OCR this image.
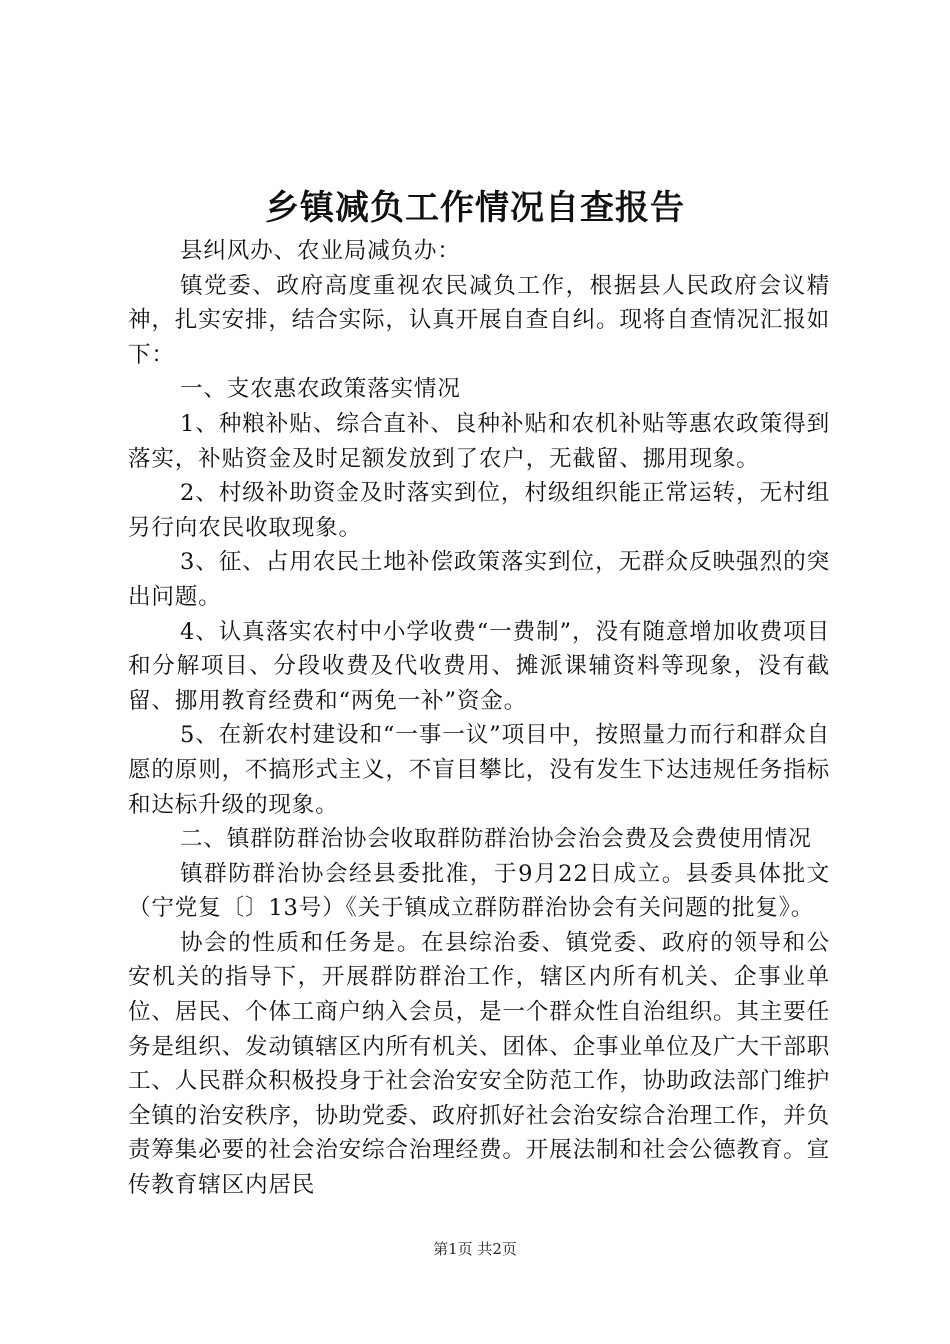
乡镇减负工作情况自查报告

县纠风办、农业局减负办：

镇党委、政府高度重视农民减负工作，根据县人民政府会议精神，扎实安排，结合实际，认真开展自查自纠。现将自查情况汇报如下：

一、支农惠农政策落实情况

1、种粮补贴、综合直补、良种补贴和农机补贴等惠农政策得到落实，补贴资金及时足额发放到了农户，无截留、挪用现象。

2、村级补助资金及时落实到位，村级组织能正常运转，无村组另行向农民收取现象。

3、征、占用农民土地补偿政策落实到位，无群众反映强烈的突出问题。

4、认真落实农村中小学收费“一费制”，没有随意增加收费项目和分解项目、分段收费及代收费用、摊派课辅资料等现象，没有截留、挪用教育经费和“两免一补”资金。

5、在新农村建设和“一事一议”项目中，按照量力而行和群众自愿的原则，不搞形式主义，不盲目攀比，没有发生下达违规任务指标和达标升级的现象。

二、镇群防群治协会收取群防群治协会治会费及会费使用情况

镇群防群治协会经县委批准，于9月22日成立。县委具体批文（宁党复〔〕13号）《关于镇成立群防群治协会有关问题的批复》。

协会的性质和任务是。在县综治委、镇党委、政府的领导和公安机关的指导下，开展群防群治工作，辖区内所有机关、企事业单位、居民、个体工商户纳入会员，是一个群众性自治组织。其主要任务是组织、发动镇辖区内所有机关、团体、企事业单位及广大干部职工、人民群众积极投身于社会治安安全防范工作，协助政法部门维护全镇的治安秩序，协助党委、政府抓好社会治安综合治理工作，并负责筹集必要的社会治安综合治理经费。开展法制和社会公德教育。宣传教育辖区内居民

第1页 共2页
